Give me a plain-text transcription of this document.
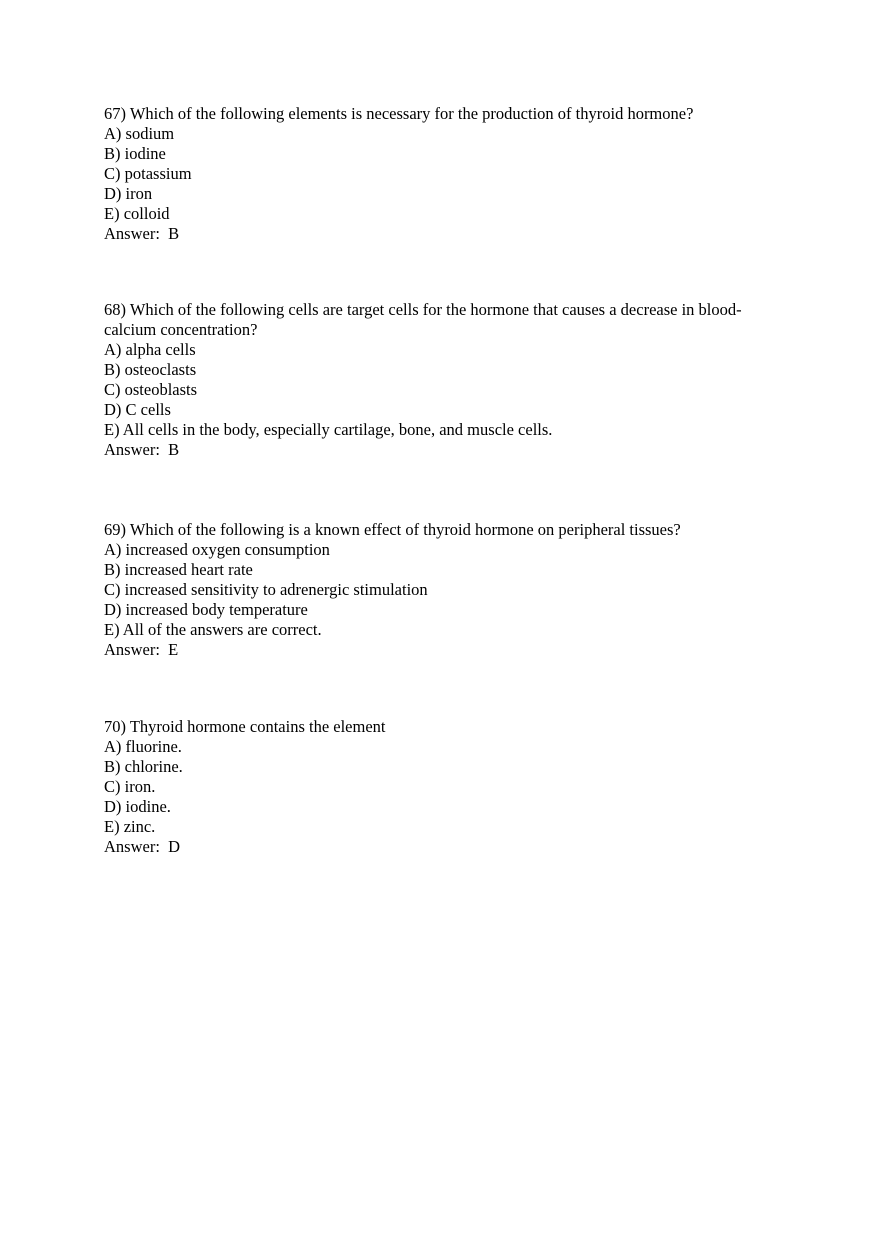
67) Which of the following elements is necessary for the production of thyroid hormone?
A) sodium
B) iodine
C) potassium
D) iron
E) colloid
Answer:  B
68) Which of the following cells are target cells for the hormone that causes a decrease in blood-calcium concentration?
A) alpha cells
B) osteoclasts
C) osteoblasts
D) C cells
E) All cells in the body, especially cartilage, bone, and muscle cells.
Answer:  B
69) Which of the following is a known effect of thyroid hormone on peripheral tissues?
A) increased oxygen consumption
B) increased heart rate
C) increased sensitivity to adrenergic stimulation
D) increased body temperature
E) All of the answers are correct.
Answer:  E
70) Thyroid hormone contains the element
A) fluorine.
B) chlorine.
C) iron.
D) iodine.
E) zinc.
Answer:  D
